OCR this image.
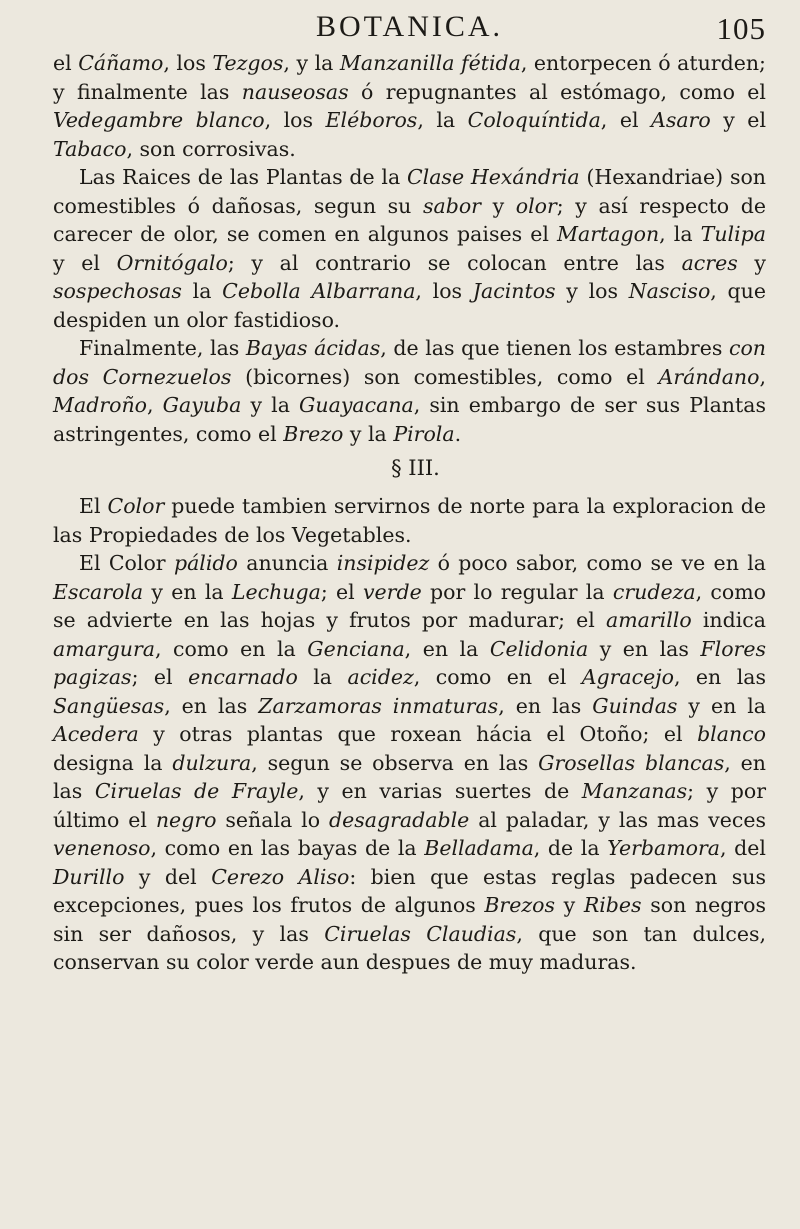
BOTANICA.	105

el Cáñamo, los Tezgos, y la Manzanilla fétida, entorpecen ó aturden; y finalmente las nauseosas ó repugnantes al estómago, como el Vedegambre blanco, los Eléboros, la Coloquíntida, el Asaro y el Tabaco, son corrosivas.

Las Raices de las Plantas de la Clase Hexándria (Hexandriae) son comestibles ó dañosas, segun su sabor y olor; y así respecto de carecer de olor, se comen en algunos paises el Martagon, la Tulipa y el Ornitógalo; y al contrario se colocan entre las acres y sospechosas la Cebolla Albarrana, los Jacintos y los Nasciso, que despiden un olor fastidioso.

Finalmente, las Bayas ácidas, de las que tienen los estambres con dos Cornezuelos (bicornes) son comestibles, como el Arándano, Madroño, Gayuba y la Guayacana, sin embargo de ser sus Plantas astringentes, como el Brezo y la Pirola.

§ III.

El Color puede tambien servirnos de norte para la exploracion de las Propiedades de los Vegetables.

El Color pálido anuncia insipidez ó poco sabor, como se ve en la Escarola y en la Lechuga; el verde por lo regular la crudeza, como se advierte en las hojas y frutos por madurar; el amarillo indica amargura, como en la Genciana, en la Celidonia y en las Flores pagizas; el encarnado la acidez, como en el Agracejo, en las Sangüesas, en las Zarzamoras inmaturas, en las Guindas y en la Acedera y otras plantas que roxean hácia el Otoño; el blanco designa la dulzura, segun se observa en las Grosellas blancas, en las Ciruelas de Frayle, y en varias suertes de Manzanas; y por último el negro señala lo desagradable al paladar, y las mas veces venenoso, como en las bayas de la Belladama, de la Yerbamora, del Durillo y del Cerezo Aliso: bien que estas reglas padecen sus excepciones, pues los frutos de algunos Brezos y Ribes son negros sin ser dañosos, y las Ciruelas Claudias, que son tan dulces, conservan su color verde aun despues de muy maduras.
